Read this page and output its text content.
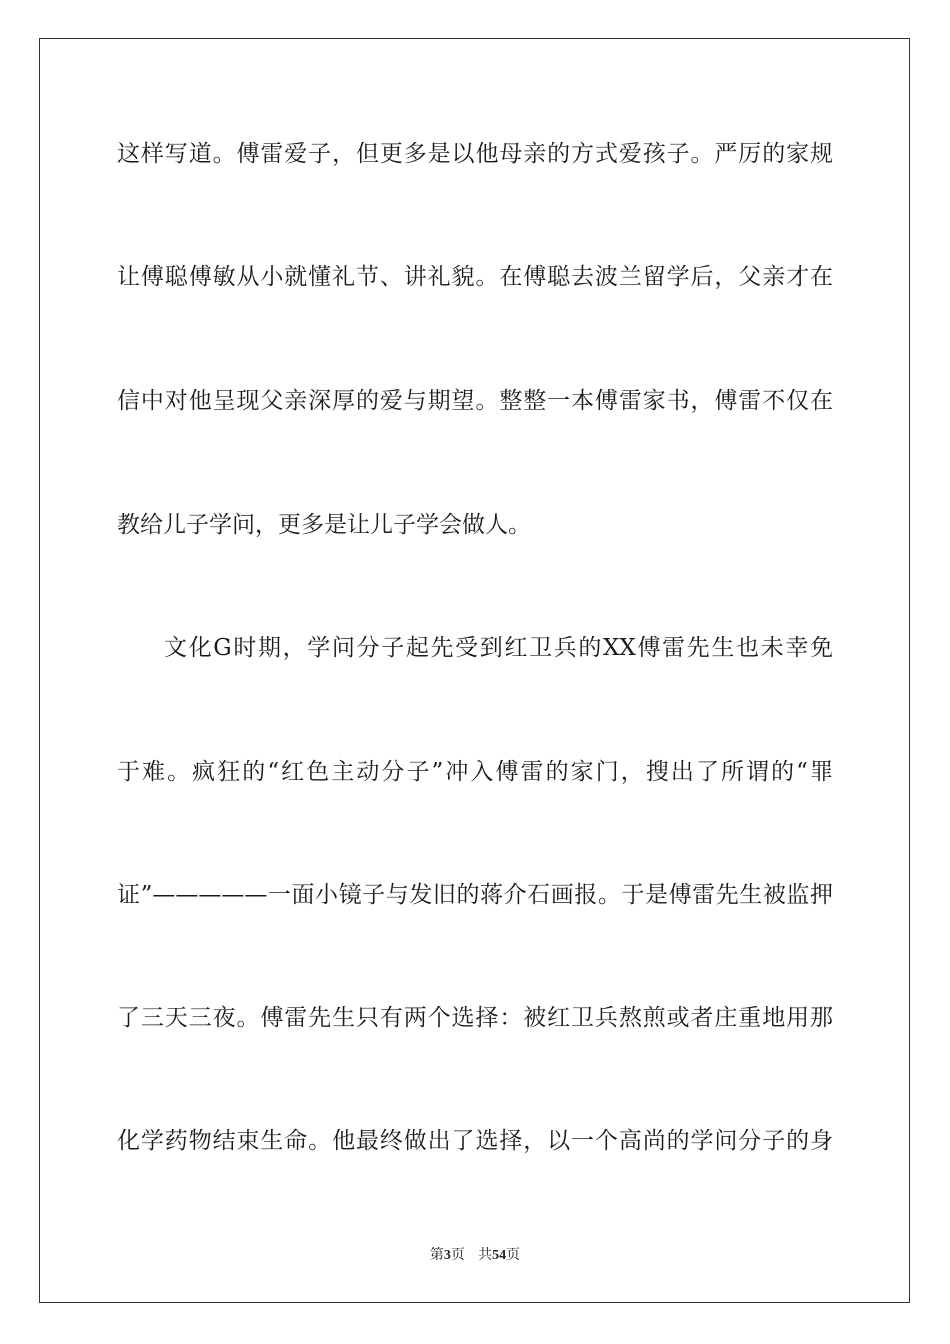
这样写道。傅雷爱子，但更多是以他母亲的方式爱孩子。严厉的家规
让傅聪傅敏从小就懂礼节、讲礼貌。在傅聪去波兰留学后，父亲才在
信中对他呈现父亲深厚的爱与期望。整整一本傅雷家书，傅雷不仅在
教给儿子学问，更多是让儿子学会做人。
文化G时期，学问分子起先受到红卫兵的XX傅雷先生也未幸免
于难。疯狂的“红色主动分子”冲入傅雷的家门，搜出了所谓的“罪
证”—————一面小镜子与发旧的蒋介石画报。于是傅雷先生被监押
了三天三夜。傅雷先生只有两个选择：被红卫兵熬煎或者庄重地用那
化学药物结束生命。他最终做出了选择，以一个高尚的学问分子的身
第3页 共54页
